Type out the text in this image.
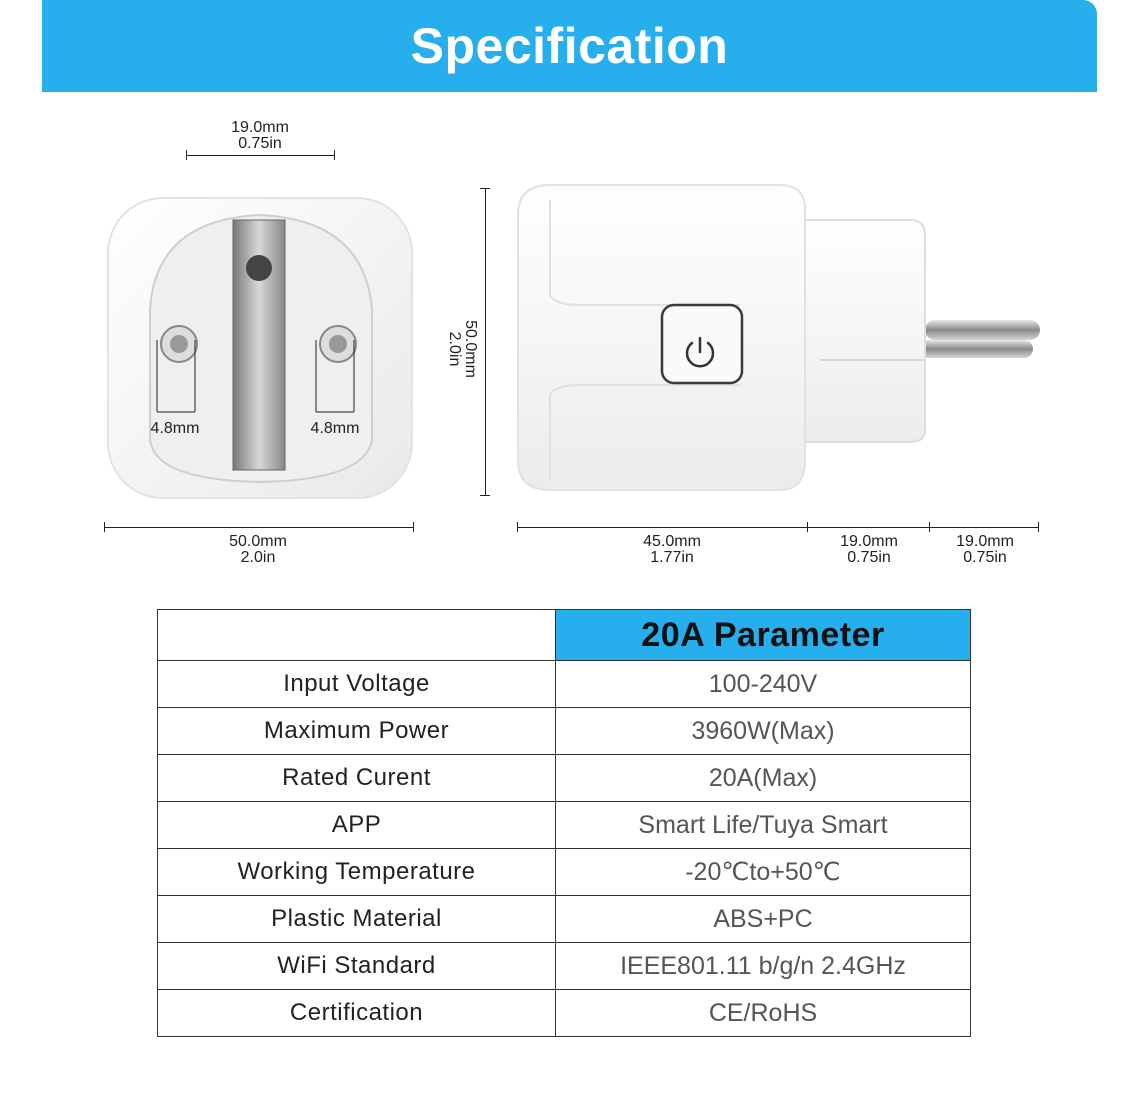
Specification
19.0mm
0.75in
4.8mm	4.8mm
50.0mm
2.0in
50.0mm
2.0in
45.0mm
1.77in
19.0mm
0.75in
19.0mm
0.75in
	20A Parameter
Input Voltage	100-240V
Maximum Power	3960W(Max)
Rated Curent	20A(Max)
APP	Smart Life/Tuya Smart
Working Temperature	-20℃to+50℃
Plastic Material	ABS+PC
WiFi Standard	IEEE801.11 b/g/n 2.4GHz
Certification	CE/RoHS
